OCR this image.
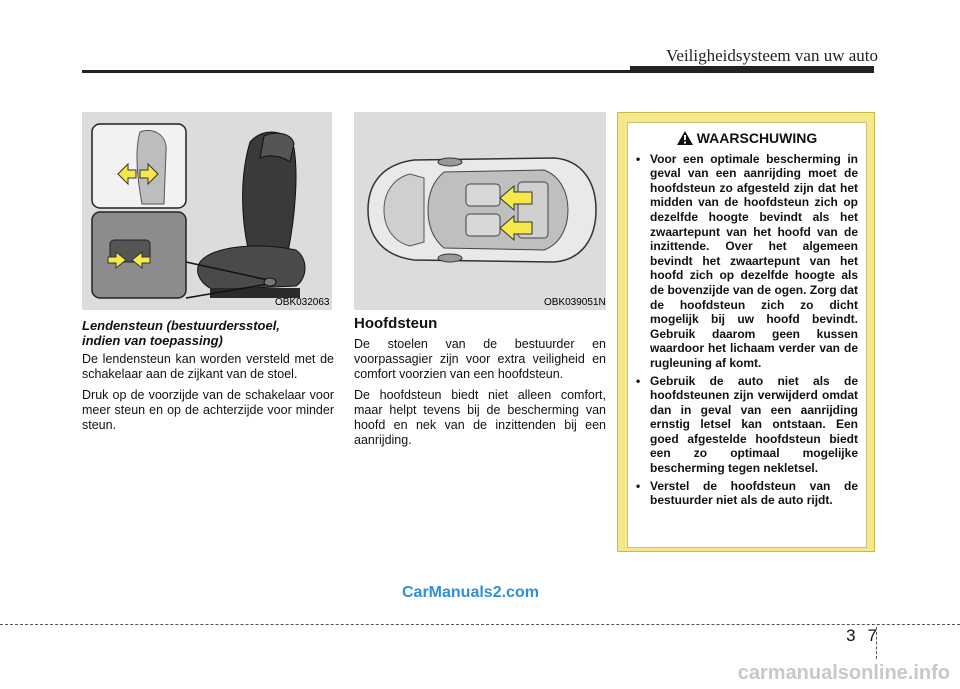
Veiligheidsysteem van uw auto
OBK032063
Lendensteun (bestuurdersstoel,
indien van toepassing)

De lendensteun kan worden versteld met de schakelaar aan de zijkant van de stoel.

Druk op de voorzijde van de schakelaar voor meer steun en op de achterzijde voor minder steun.

OBK039051N
Hoofdsteun

De stoelen van de bestuurder en voorpassagier zijn voor extra veiligheid en comfort voorzien van een hoofdsteun.

De hoofdsteun biedt niet alleen comfort, maar helpt tevens bij de bescherming van hoofd en nek van de inzittenden bij een aanrijding.

WAARSCHUWING
• Voor een optimale bescherming in geval van een aanrijding moet de hoofdsteun zo afgesteld zijn dat het midden van de hoofdsteun zich op dezelfde hoogte bevindt als het zwaartepunt van het hoofd van de inzittende. Over het algemeen bevindt het zwaartepunt van het hoofd zich op dezelfde hoogte als de bovenzijde van de ogen. Zorg dat de hoofdsteun zich zo dicht mogelijk bij uw hoofd bevindt. Gebruik daarom geen kussen waardoor het lichaam verder van de rugleuning af komt.
• Gebruik de auto niet als de hoofdsteunen zijn verwijderd omdat dan in geval van een aanrijding ernstig letsel kan ontstaan. Een goed afgestelde hoofdsteun biedt een zo optimaal mogelijke bescherming tegen nekletsel.
• Verstel de hoofdsteun van de bestuurder niet als de auto rijdt.
CarManuals2.com
3 7
carmanualsonline.info
